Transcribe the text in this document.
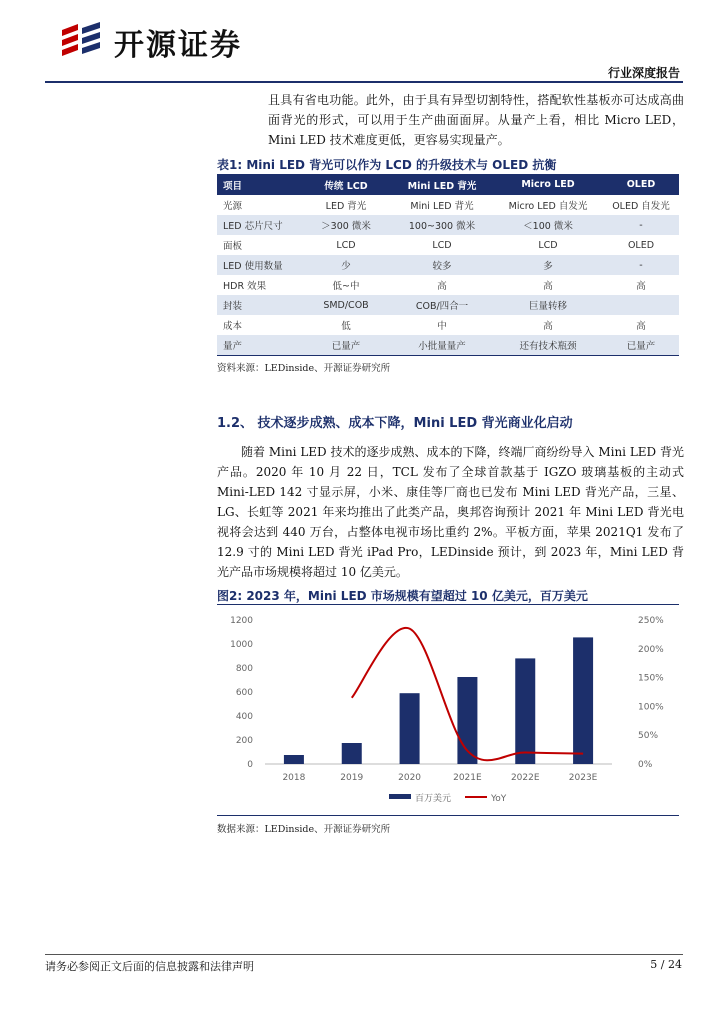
开源证券
行业深度报告

且具有省电功能。此外，由于具有异型切割特性，搭配软性基板亦可达成高曲面背光的形式，可以用于生产曲面面屏。从量产上看，相比 Micro LED，Mini LED 技术难度更低，更容易实现量产。

表1: Mini LED 背光可以作为 LCD 的升级技术与 OLED 抗衡
项目	传统 LCD	Mini LED 背光	Micro LED	OLED
光源	LED 背光	Mini LED 背光	Micro LED 自发光	OLED 自发光
LED 芯片尺寸	＞300 微米	100~300 微米	＜100 微米	-
面板	LCD	LCD	LCD	OLED
LED 使用数量	少	较多	多	-
HDR 效果	低~中	高	高	高
封装	SMD/COB	COB/四合一	巨量转移	
成本	低	中	高	高
量产	已量产	小批量量产	还有技术瓶颈	已量产
资料来源：LEDinside、开源证券研究所
1.2、 技术逐步成熟、成本下降，Mini LED 背光商业化启动

随着 Mini LED 技术的逐步成熟、成本的下降，终端厂商纷纷导入 Mini LED 背光产品。2020 年 10 月 22 日，TCL 发布了全球首款基于 IGZO 玻璃基板的主动式 Mini-LED 142 寸显示屏，小米、康佳等厂商也已发布 Mini LED 背光产品，三星、LG、长虹等 2021 年来均推出了此类产品，奥邦咨询预计 2021 年 Mini LED 背光电视将会达到 440 万台，占整体电视市场比重约 2%。平板方面，苹果 2021Q1 发布了 12.9 寸的 Mini LED 背光 iPad Pro，LEDinside 预计，到 2023 年，Mini LED 背光产品市场规模将超过 10 亿美元。

图2: 2023 年，Mini LED 市场规模有望超过 10 亿美元，百万美元
0
200
400
600
800
1000
1200
0%
50%
100%
150%
200%
250%
2018	2019	2020	2021E	2022E	2023E
百万美元	YoY
数据来源：LEDinside、开源证券研究所
请务必参阅正文后面的信息披露和法律声明	5 / 24
